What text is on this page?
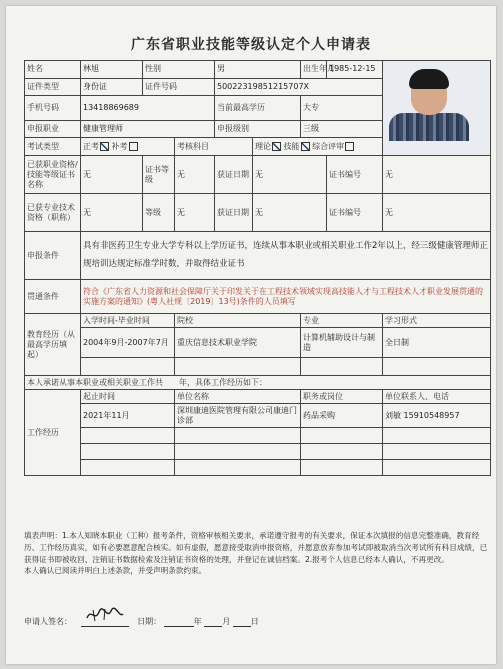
广东省职业技能等级认定个人申请表
姓名	林旭	性别		男		出生年月	1985-12-15	

证件类型	身份证	证件号码		50022319851215707X				
手机号码	13418869689			当前最高学历		大专		
申报职业	健康管理师			申报级别		三级		
考试类型	正考 补考		考核科目		理论 技能 综合评审			
已获职业资格/技能等级证书名称	无	证书等级	无	获证日期	无		证书编号	无
已获专业技术资格（职称）	无	等级	无	获证日期	无		证书编号	无
申报条件	具有非医药卫生专业大学专科以上学历证书，连续从事本职业或相关职业工作2年以上，经三级健康管理师正规培训达规定标准学时数，并取得结业证书							

贯通条件	符合《广东省人力资源和社会保障厅关于印发关于在工程技术领域实现高技能人才与工程技术人才职业发展贯通的实施方案的通知》(粤人社规〔2019〕13号)条件的人员填写							
教育经历（从最高学历填起）	入学时间-毕业时间		院校			专业		学习形式
	2004年9月-2007年7月		重庆信息技术职业学院			计算机辅助设计与制造		全日制

本人承诺从事本职业或相关职业工作共　　年，具体工作经历如下：								
工作经历	起止时间		单位名称			职务或岗位		单位联系人、电话
	2021年11月		深圳康迪医院管理有限公司康迪门诊部			药品采购		刘敏 15910548957

填表声明：1.本人知晓本职业（工种）报考条件，资格审核相关要求，承诺遵守报考的有关要求，保证本次填报的信息完整准确，教育经历、工作经历真实，如有必要愿意配合核实。如有虚假，愿意接受取消申报资格，并愿意放弃参加考试即被取消当次考试所有科目成绩，已获得证书即被收回、注销证书数据检索及注销证书资格的处理，并登记在诚信档案。2.报考个人信息已经本人确认，不再更改。
本人确认已阅读并明白上述条款，并受声明条款约束。
申请人签名：	日期：	年	月	日
